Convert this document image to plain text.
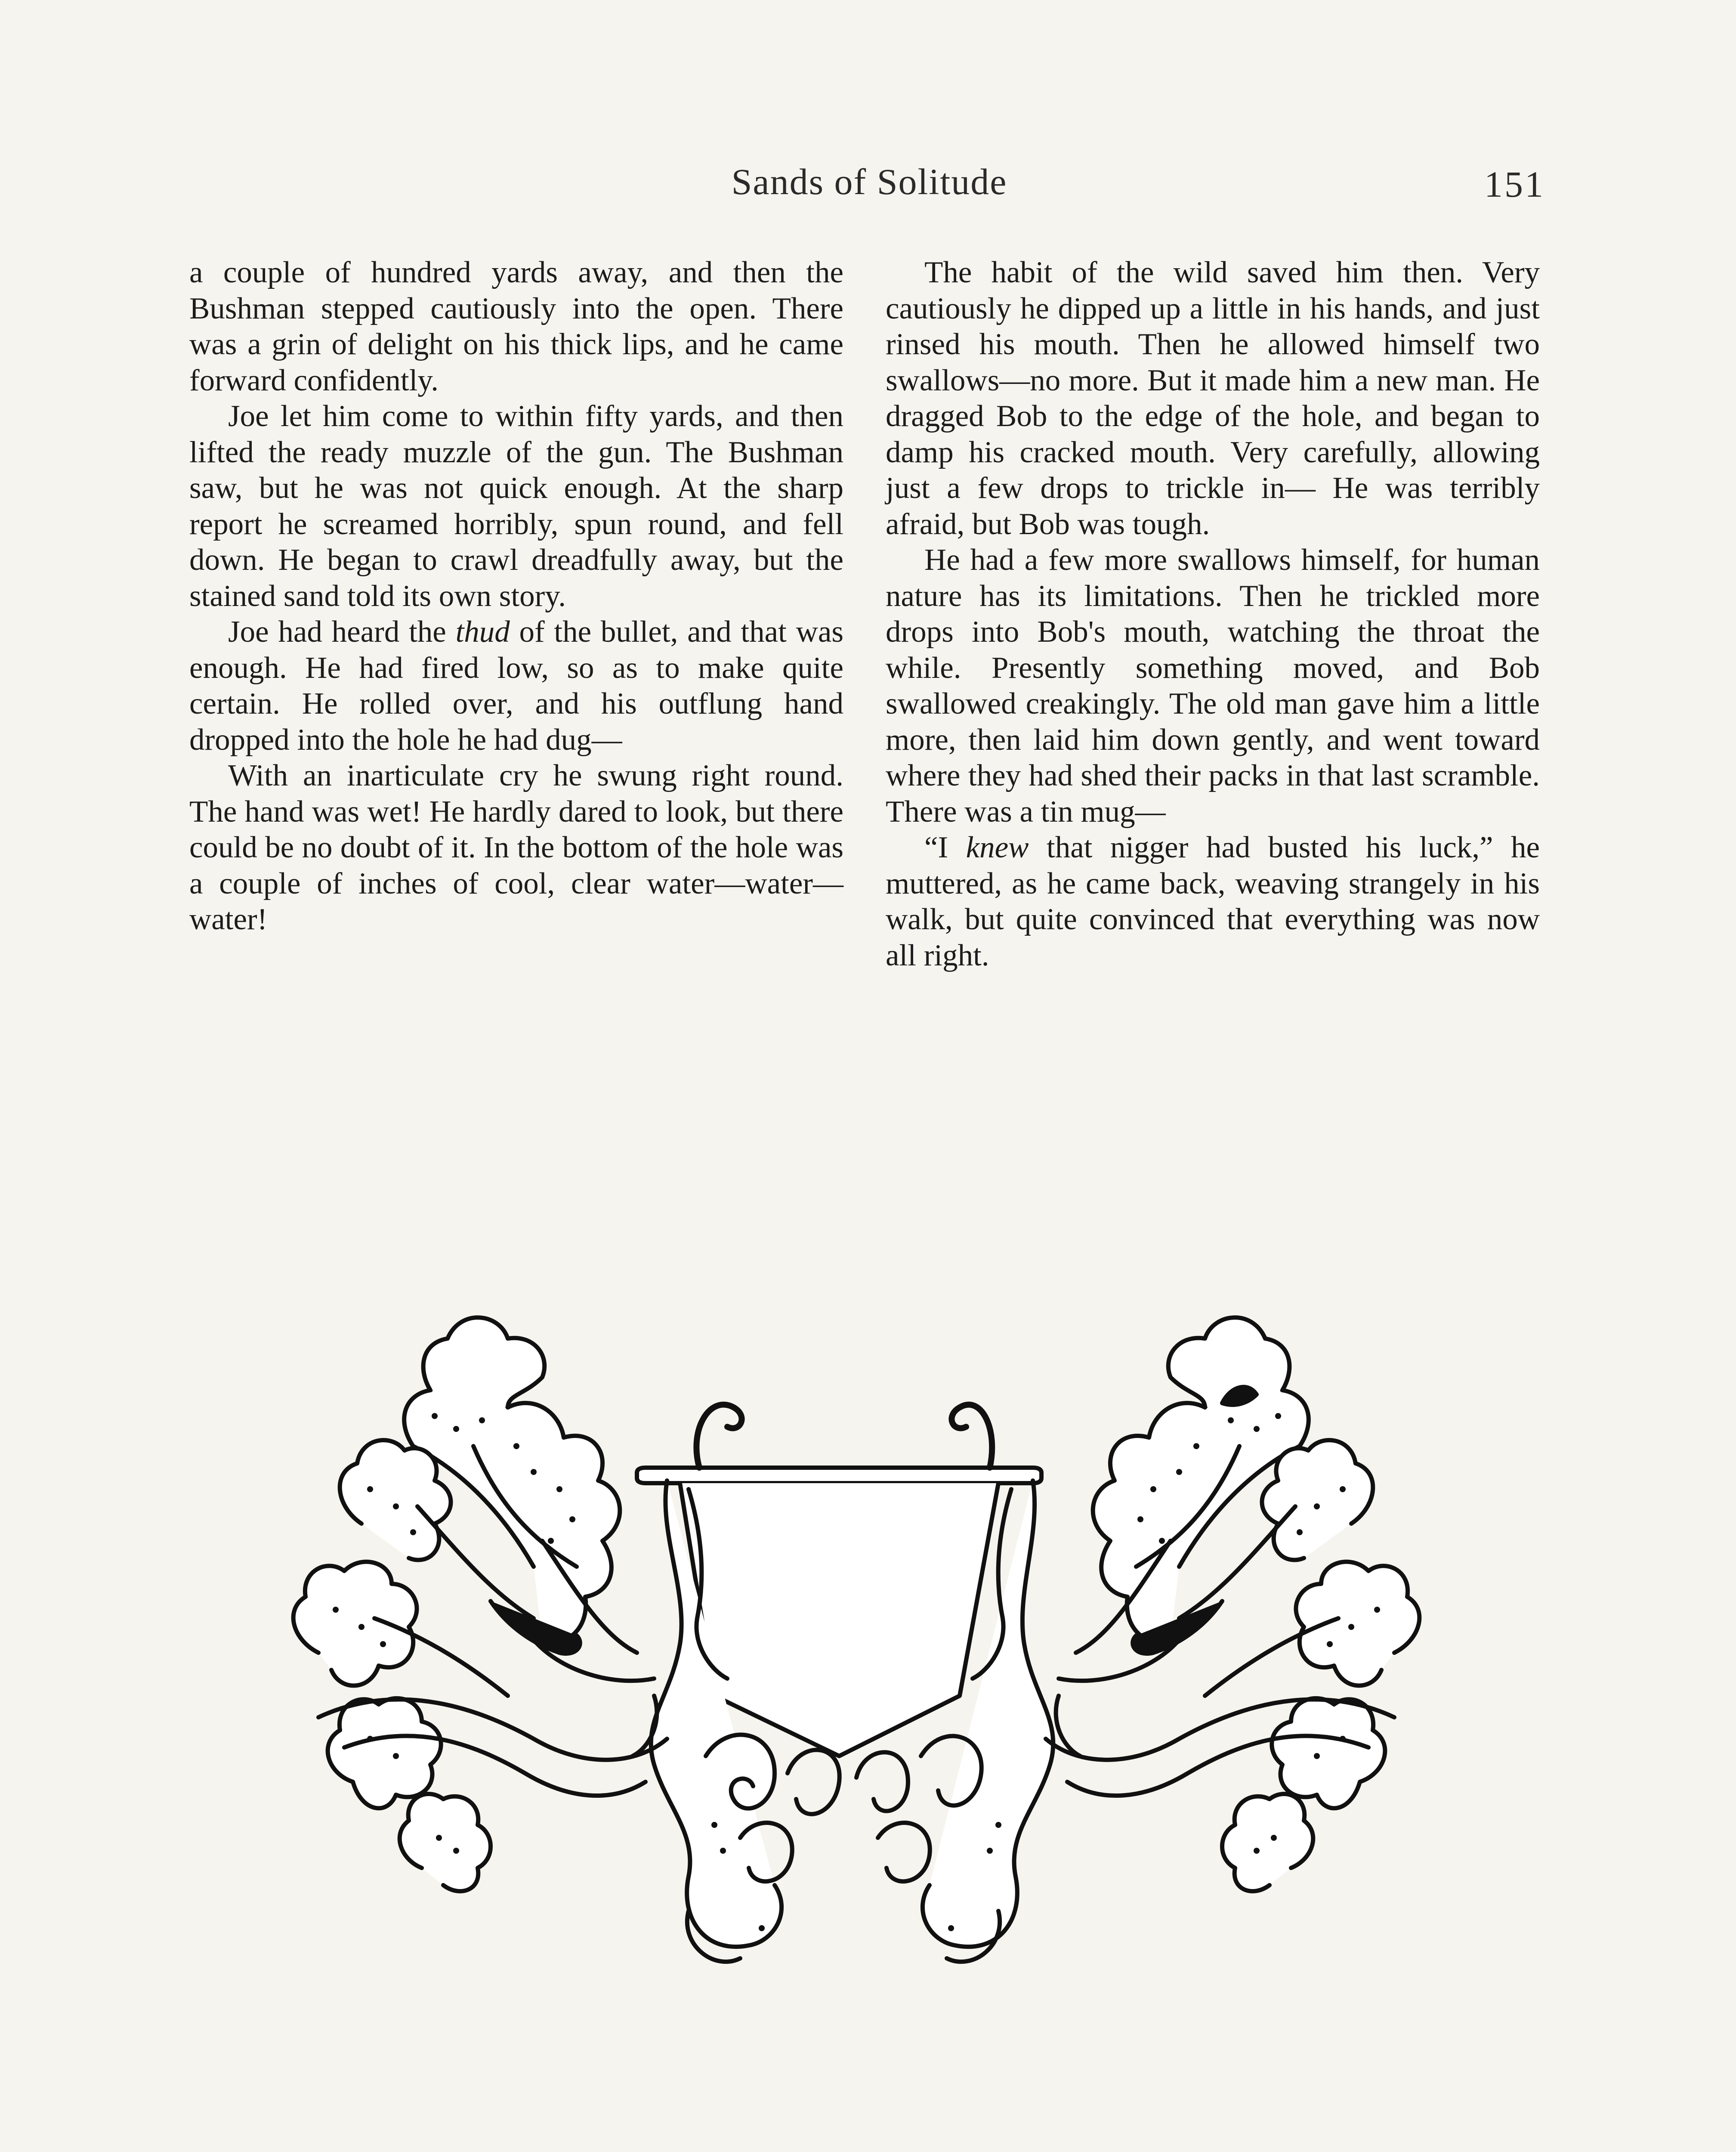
Sands of Solitude	151

a couple of hundred yards away, and then the Bushman stepped cautiously into the open. There was a grin of delight on his thick lips, and he came forward confidently.

Joe let him come to within fifty yards, and then lifted the ready muzzle of the gun. The Bushman saw, but he was not quick enough. At the sharp report he screamed horribly, spun round, and fell down. He began to crawl dreadfully away, but the stained sand told its own story.

Joe had heard the thud of the bullet, and that was enough. He had fired low, so as to make quite certain. He rolled over, and his outflung hand dropped into the hole he had dug—

With an inarticulate cry he swung right round. The hand was wet! He hardly dared to look, but there could be no doubt of it. In the bottom of the hole was a couple of inches of cool, clear water—water—water!

The habit of the wild saved him then. Very cautiously he dipped up a little in his hands, and just rinsed his mouth. Then he allowed himself two swallows—no more. But it made him a new man. He dragged Bob to the edge of the hole, and began to damp his cracked mouth. Very carefully, allowing just a few drops to trickle in— He was terribly afraid, but Bob was tough.

He had a few more swallows himself, for human nature has its limitations. Then he trickled more drops into Bob's mouth, watching the throat the while. Presently something moved, and Bob swallowed creakingly. The old man gave him a little more, then laid him down gently, and went toward where they had shed their packs in that last scramble. There was a tin mug—

“I knew that nigger had busted his luck,” he muttered, as he came back, weaving strangely in his walk, but quite convinced that everything was now all right.
